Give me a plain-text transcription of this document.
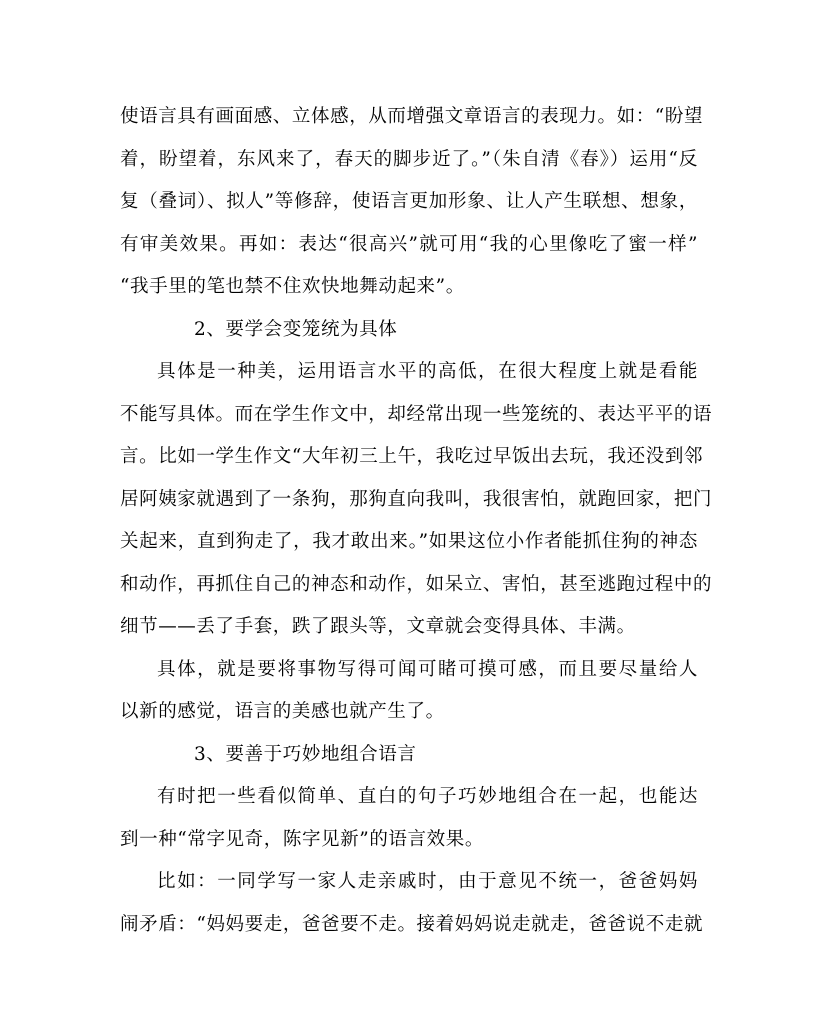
使语言具有画面感、立体感，从而增强文章语言的表现力。如：“盼望
着，盼望着，东风来了，春天的脚步近了。”（朱自清《春》）运用“反
复（叠词）、拟人”等修辞，使语言更加形象、让人产生联想、想象，
有审美效果。再如：表达“很高兴”就可用“我的心里像吃了蜜一样”
“我手里的笔也禁不住欢快地舞动起来”。
2、要学会变笼统为具体
具体是一种美，运用语言水平的高低，在很大程度上就是看能
不能写具体。而在学生作文中，却经常出现一些笼统的、表达平平的语
言。比如一学生作文“大年初三上午，我吃过早饭出去玩，我还没到邻
居阿姨家就遇到了一条狗，那狗直向我叫，我很害怕，就跑回家，把门
关起来，直到狗走了，我才敢出来。”如果这位小作者能抓住狗的神态
和动作，再抓住自己的神态和动作，如呆立、害怕，甚至逃跑过程中的
细节——丢了手套，跌了跟头等，文章就会变得具体、丰满。
具体，就是要将事物写得可闻可睹可摸可感，而且要尽量给人
以新的感觉，语言的美感也就产生了。
3、要善于巧妙地组合语言
有时把一些看似简单、直白的句子巧妙地组合在一起，也能达
到一种“常字见奇，陈字见新”的语言效果。
比如：一同学写一家人走亲戚时，由于意见不统一，爸爸妈妈
闹矛盾：“妈妈要走，爸爸要不走。接着妈妈说走就走，爸爸说不走就
